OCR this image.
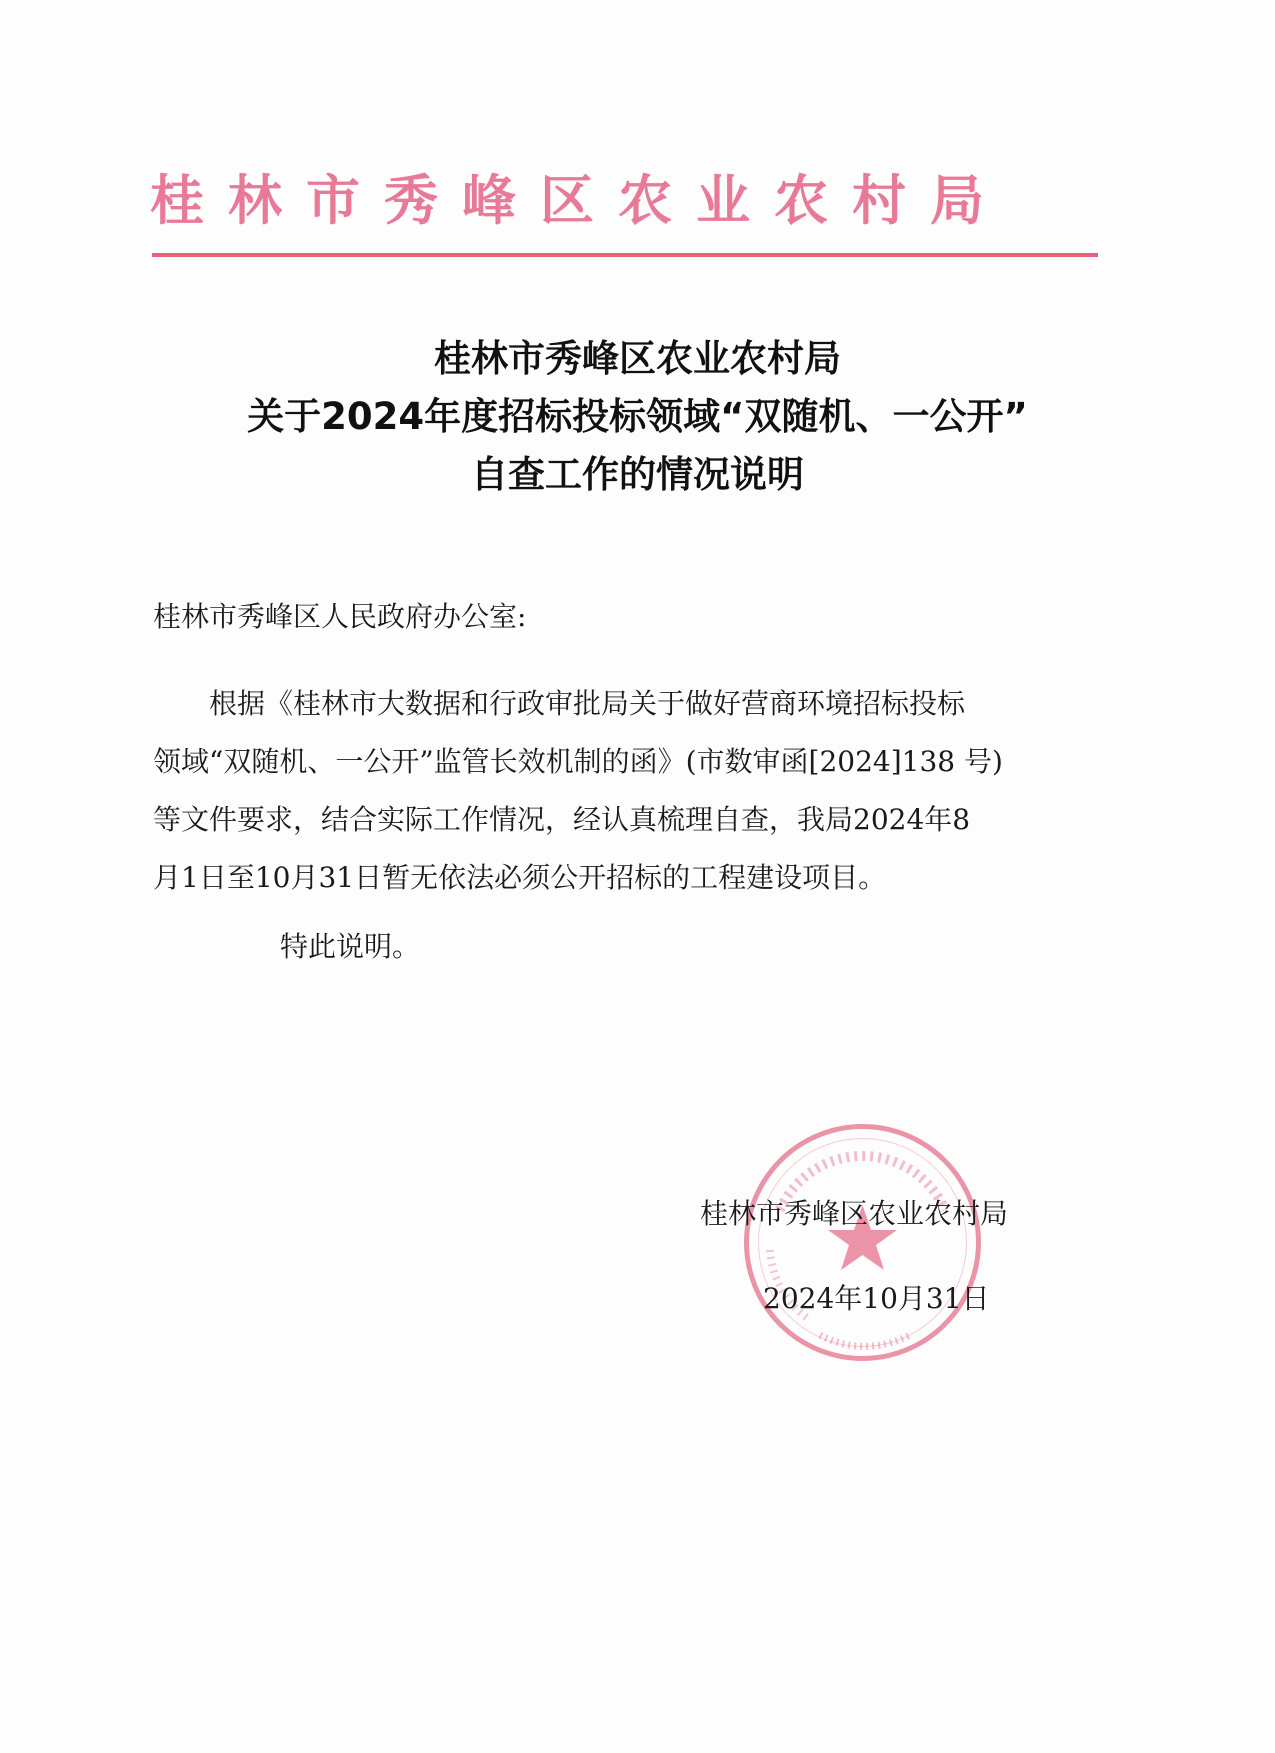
桂林市秀峰区农业农村局
桂林市秀峰区农业农村局
关于2024年度招标投标领域“双随机、一公开”
自查工作的情况说明
桂林市秀峰区人民政府办公室:
　　根据《桂林市大数据和行政审批局关于做好营商环境招标投标
领域“双随机、一公开”监管长效机制的函》(市数审函[2024]138 号)
等文件要求，结合实际工作情况，经认真梳理自查，我局2024年8
月1日至10月31日暂无依法必须公开招标的工程建设项目。
特此说明。
桂林市秀峰区农业农村局
2024年10月31日
